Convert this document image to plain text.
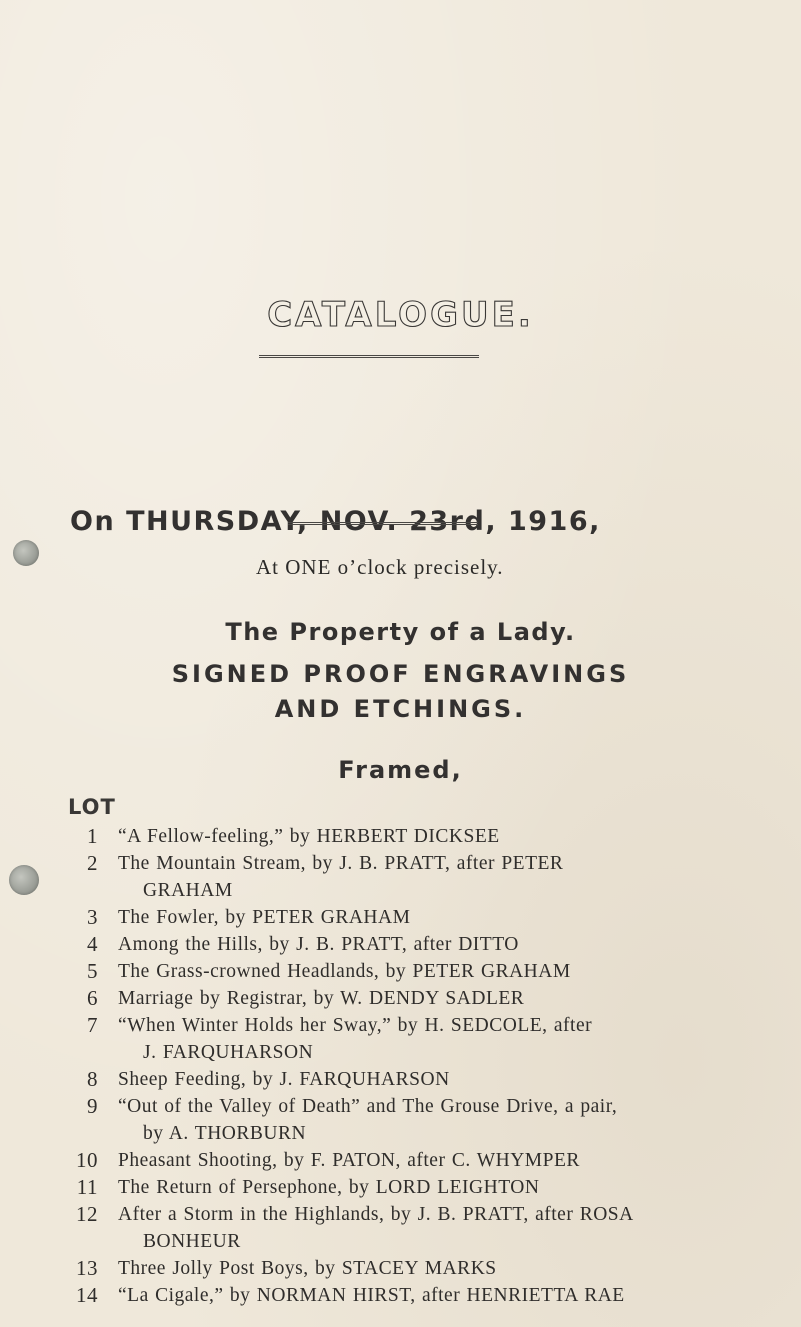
CATALOGUE.
On THURSDAY, NOV. 23rd, 1916,
At ONE o’clock precisely.
The Property of a Lady.
SIGNED PROOF ENGRAVINGS
AND ETCHINGS.
Framed,
LOT
1	“A Fellow-feeling,” by HERBERT DICKSEE
2	The Mountain Stream, by J. B. PRATT, after PETER
GRAHAM
3	The Fowler, by PETER GRAHAM
4	Among the Hills, by J. B. PRATT, after DITTO
5	The Grass-crowned Headlands, by PETER GRAHAM
6	Marriage by Registrar, by W. DENDY SADLER
7	“When Winter Holds her Sway,” by H. SEDCOLE, after
J. FARQUHARSON
8	Sheep Feeding, by J. FARQUHARSON
9	“Out of the Valley of Death” and The Grouse Drive, a pair,
by A. THORBURN
10	Pheasant Shooting, by F. PATON, after C. WHYMPER
11	The Return of Persephone, by LORD LEIGHTON
12	After a Storm in the Highlands, by J. B. PRATT, after ROSA
BONHEUR
13	Three Jolly Post Boys, by STACEY MARKS
14	“La Cigale,” by NORMAN HIRST, after HENRIETTA RAE
